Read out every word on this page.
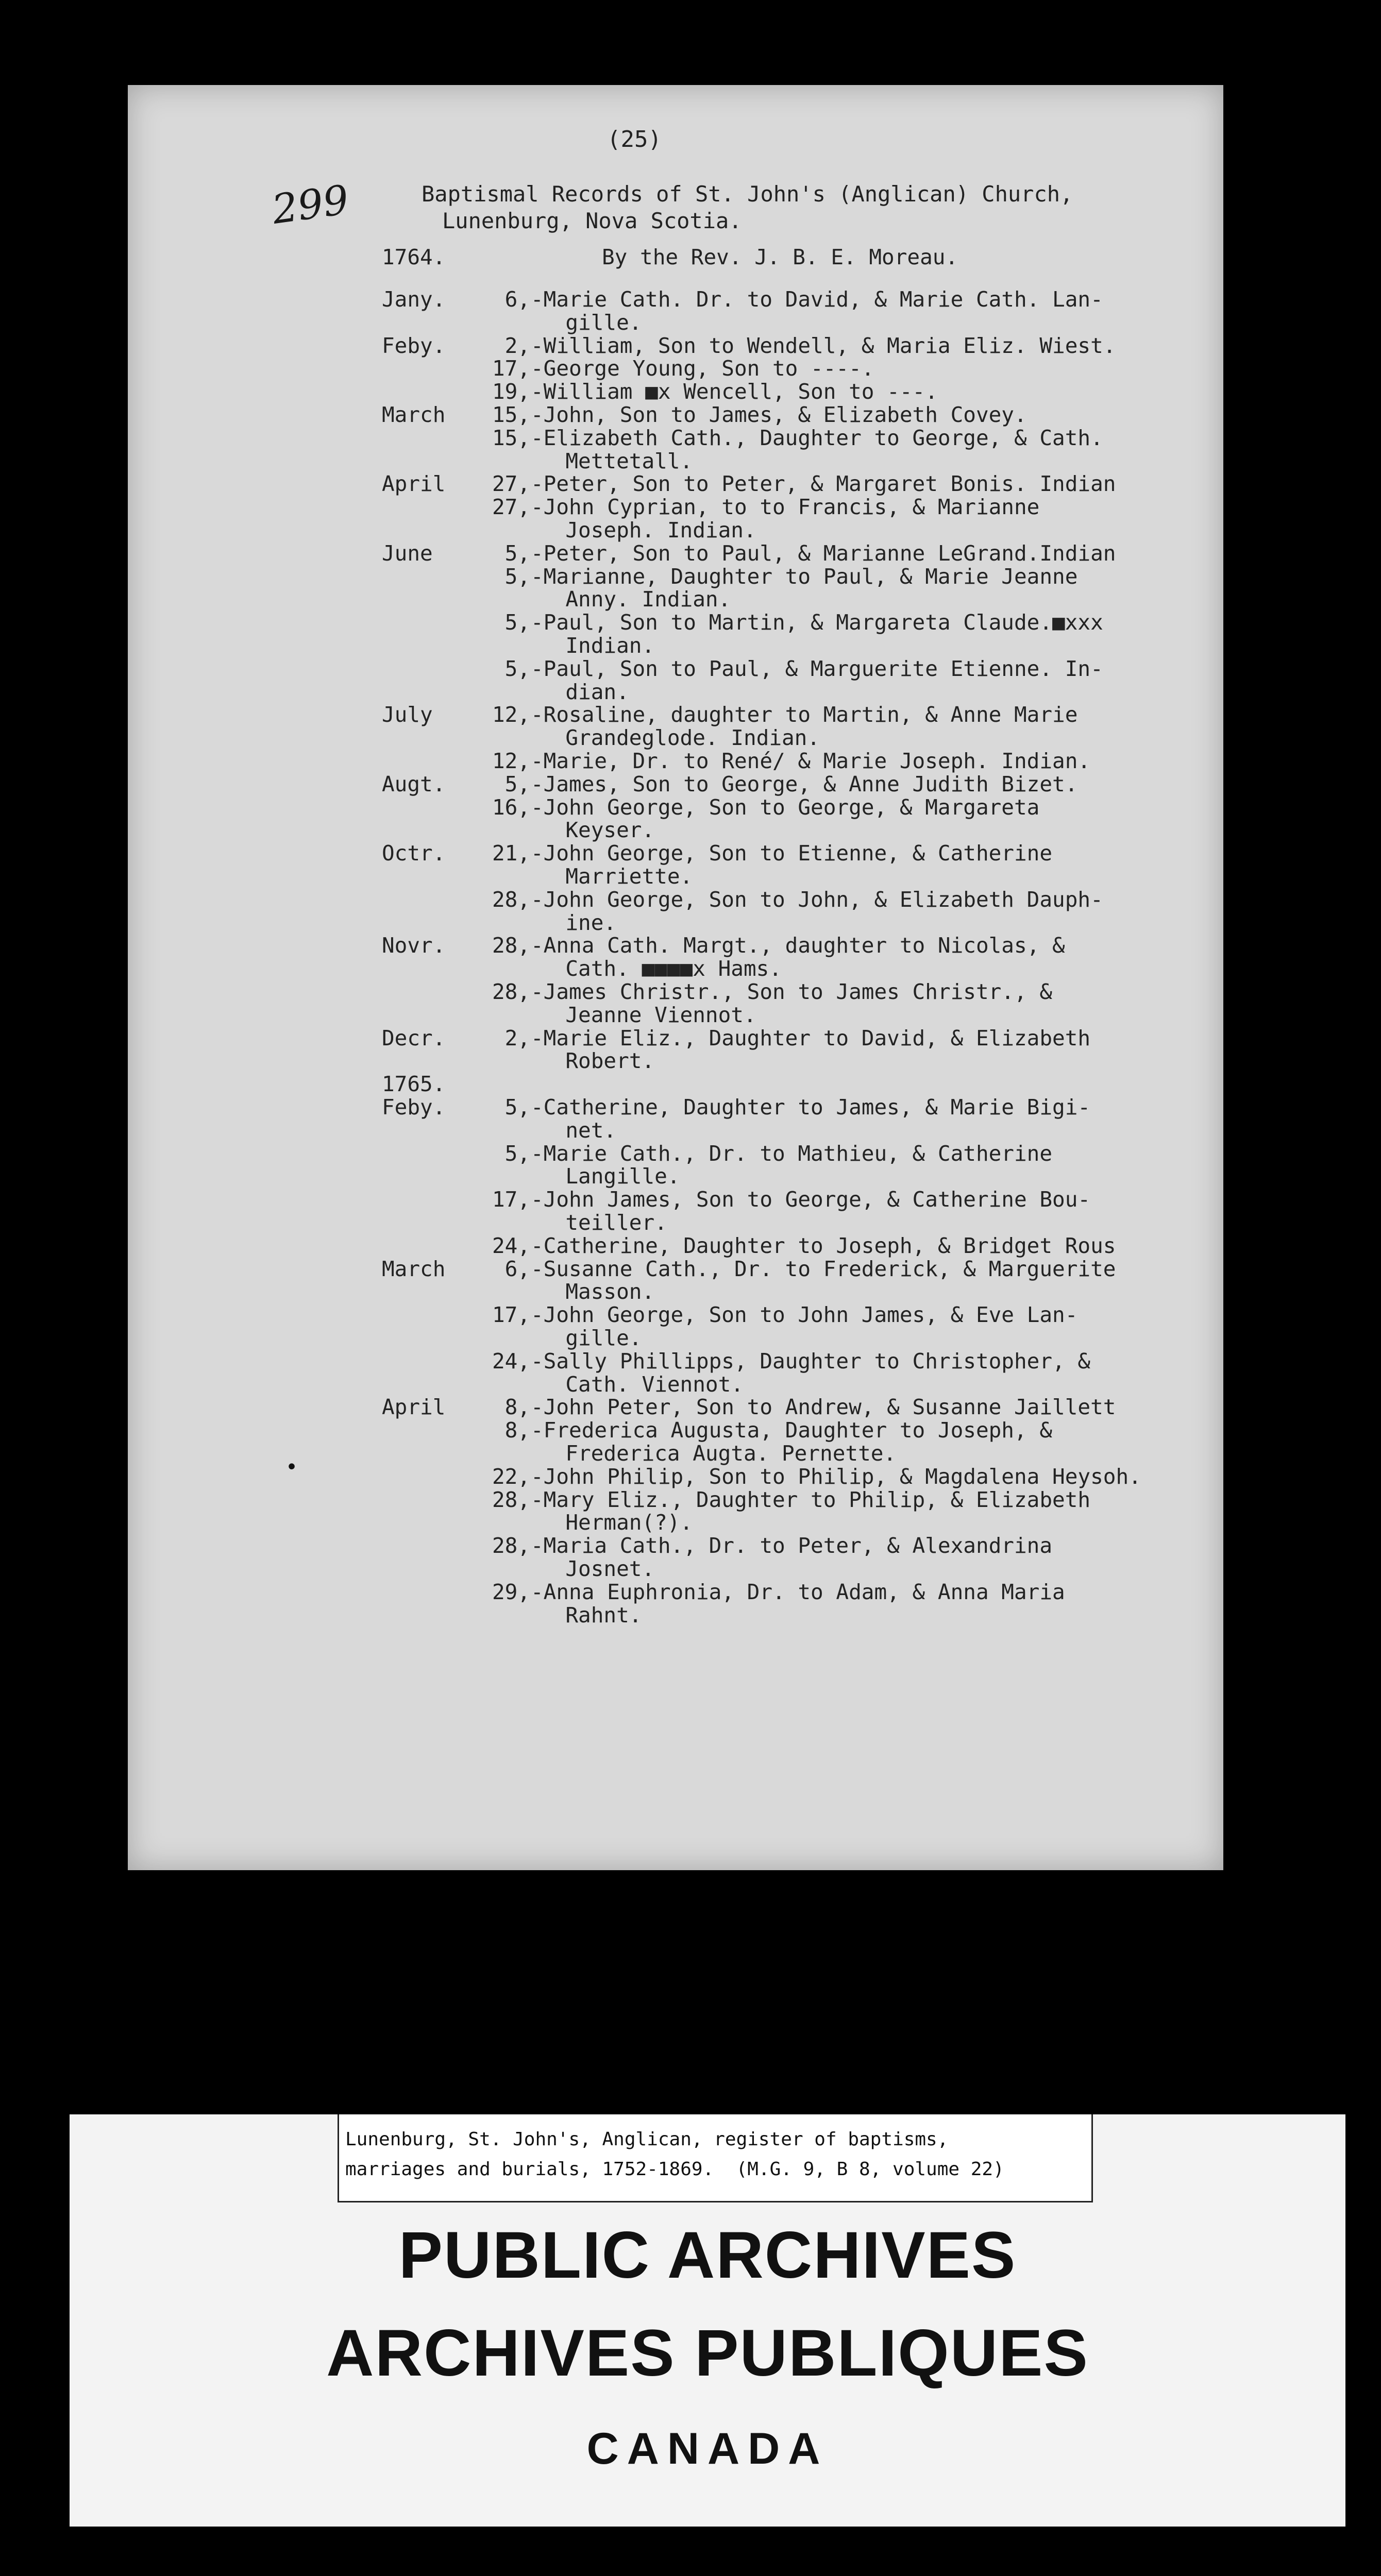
(25)
299	Baptismal Records of St. John's (Anglican) Church,
Lunenburg, Nova Scotia.
1764.	By the Rev. J. B. E. Moreau.
Jany.	6, -Marie Cath. Dr. to David, & Marie Cath. Lan-
gille.
Feby.	2, -William, Son to Wendell, & Maria Eliz. Wiest.
17, -George Young, Son to ----.
19, -William ■x Wencell, Son to ---.
March	15, -John, Son to James, & Elizabeth Covey.
15, -Elizabeth Cath., Daughter to George, & Cath.
Mettetall.
April	27, -Peter, Son to Peter, & Margaret Bonis. Indian
27, -John Cyprian, to to Francis, & Marianne
Joseph. Indian.
June	5, -Peter, Son to Paul, & Marianne LeGrand.Indian
5, -Marianne, Daughter to Paul, & Marie Jeanne
Anny. Indian.
5, -Paul, Son to Martin, & Margareta Claude.■xxx
Indian.
5, -Paul, Son to Paul, & Marguerite Etienne. In-
dian.
July	12, -Rosaline, daughter to Martin, & Anne Marie
Grandeglode. Indian.
12, -Marie, Dr. to René/ & Marie Joseph. Indian.
Augt.	5, -James, Son to George, & Anne Judith Bizet.
16, -John George, Son to George, & Margareta
Keyser.
Octr.	21, -John George, Son to Etienne, & Catherine
Marriette.
28, -John George, Son to John, & Elizabeth Dauph-
ine.
Novr.	28, -Anna Cath. Margt., daughter to Nicolas, &
Cath. ■■■■x Hams.
28, -James Christr., Son to James Christr., &
Jeanne Viennot.
Decr.	2, -Marie Eliz., Daughter to David, & Elizabeth
Robert.
1765.
Feby.	5, -Catherine, Daughter to James, & Marie Bigi-
net.
5, -Marie Cath., Dr. to Mathieu, & Catherine
Langille.
17, -John James, Son to George, & Catherine Bou-
teiller.
24, -Catherine, Daughter to Joseph, & Bridget Rous
March	6, -Susanne Cath., Dr. to Frederick, & Marguerite
Masson.
17, -John George, Son to John James, & Eve Lan-
gille.
24, -Sally Phillipps, Daughter to Christopher, &
Cath. Viennot.
April	8, -John Peter, Son to Andrew, & Susanne Jaillett
8, -Frederica Augusta, Daughter to Joseph, &
Frederica Augta. Pernette.
22, -John Philip, Son to Philip, & Magdalena Heysoh.
28, -Mary Eliz., Daughter to Philip, & Elizabeth
Herman(?).
28, -Maria Cath., Dr. to Peter, & Alexandrina
Josnet.
29, -Anna Euphronia, Dr. to Adam, & Anna Maria
Rahnt.
•
Lunenburg, St. John's, Anglican, register of baptisms,
marriages and burials, 1752-1869.  (M.G. 9, B 8, volume 22)
PUBLIC ARCHIVES
ARCHIVES PUBLIQUES
CANADA
